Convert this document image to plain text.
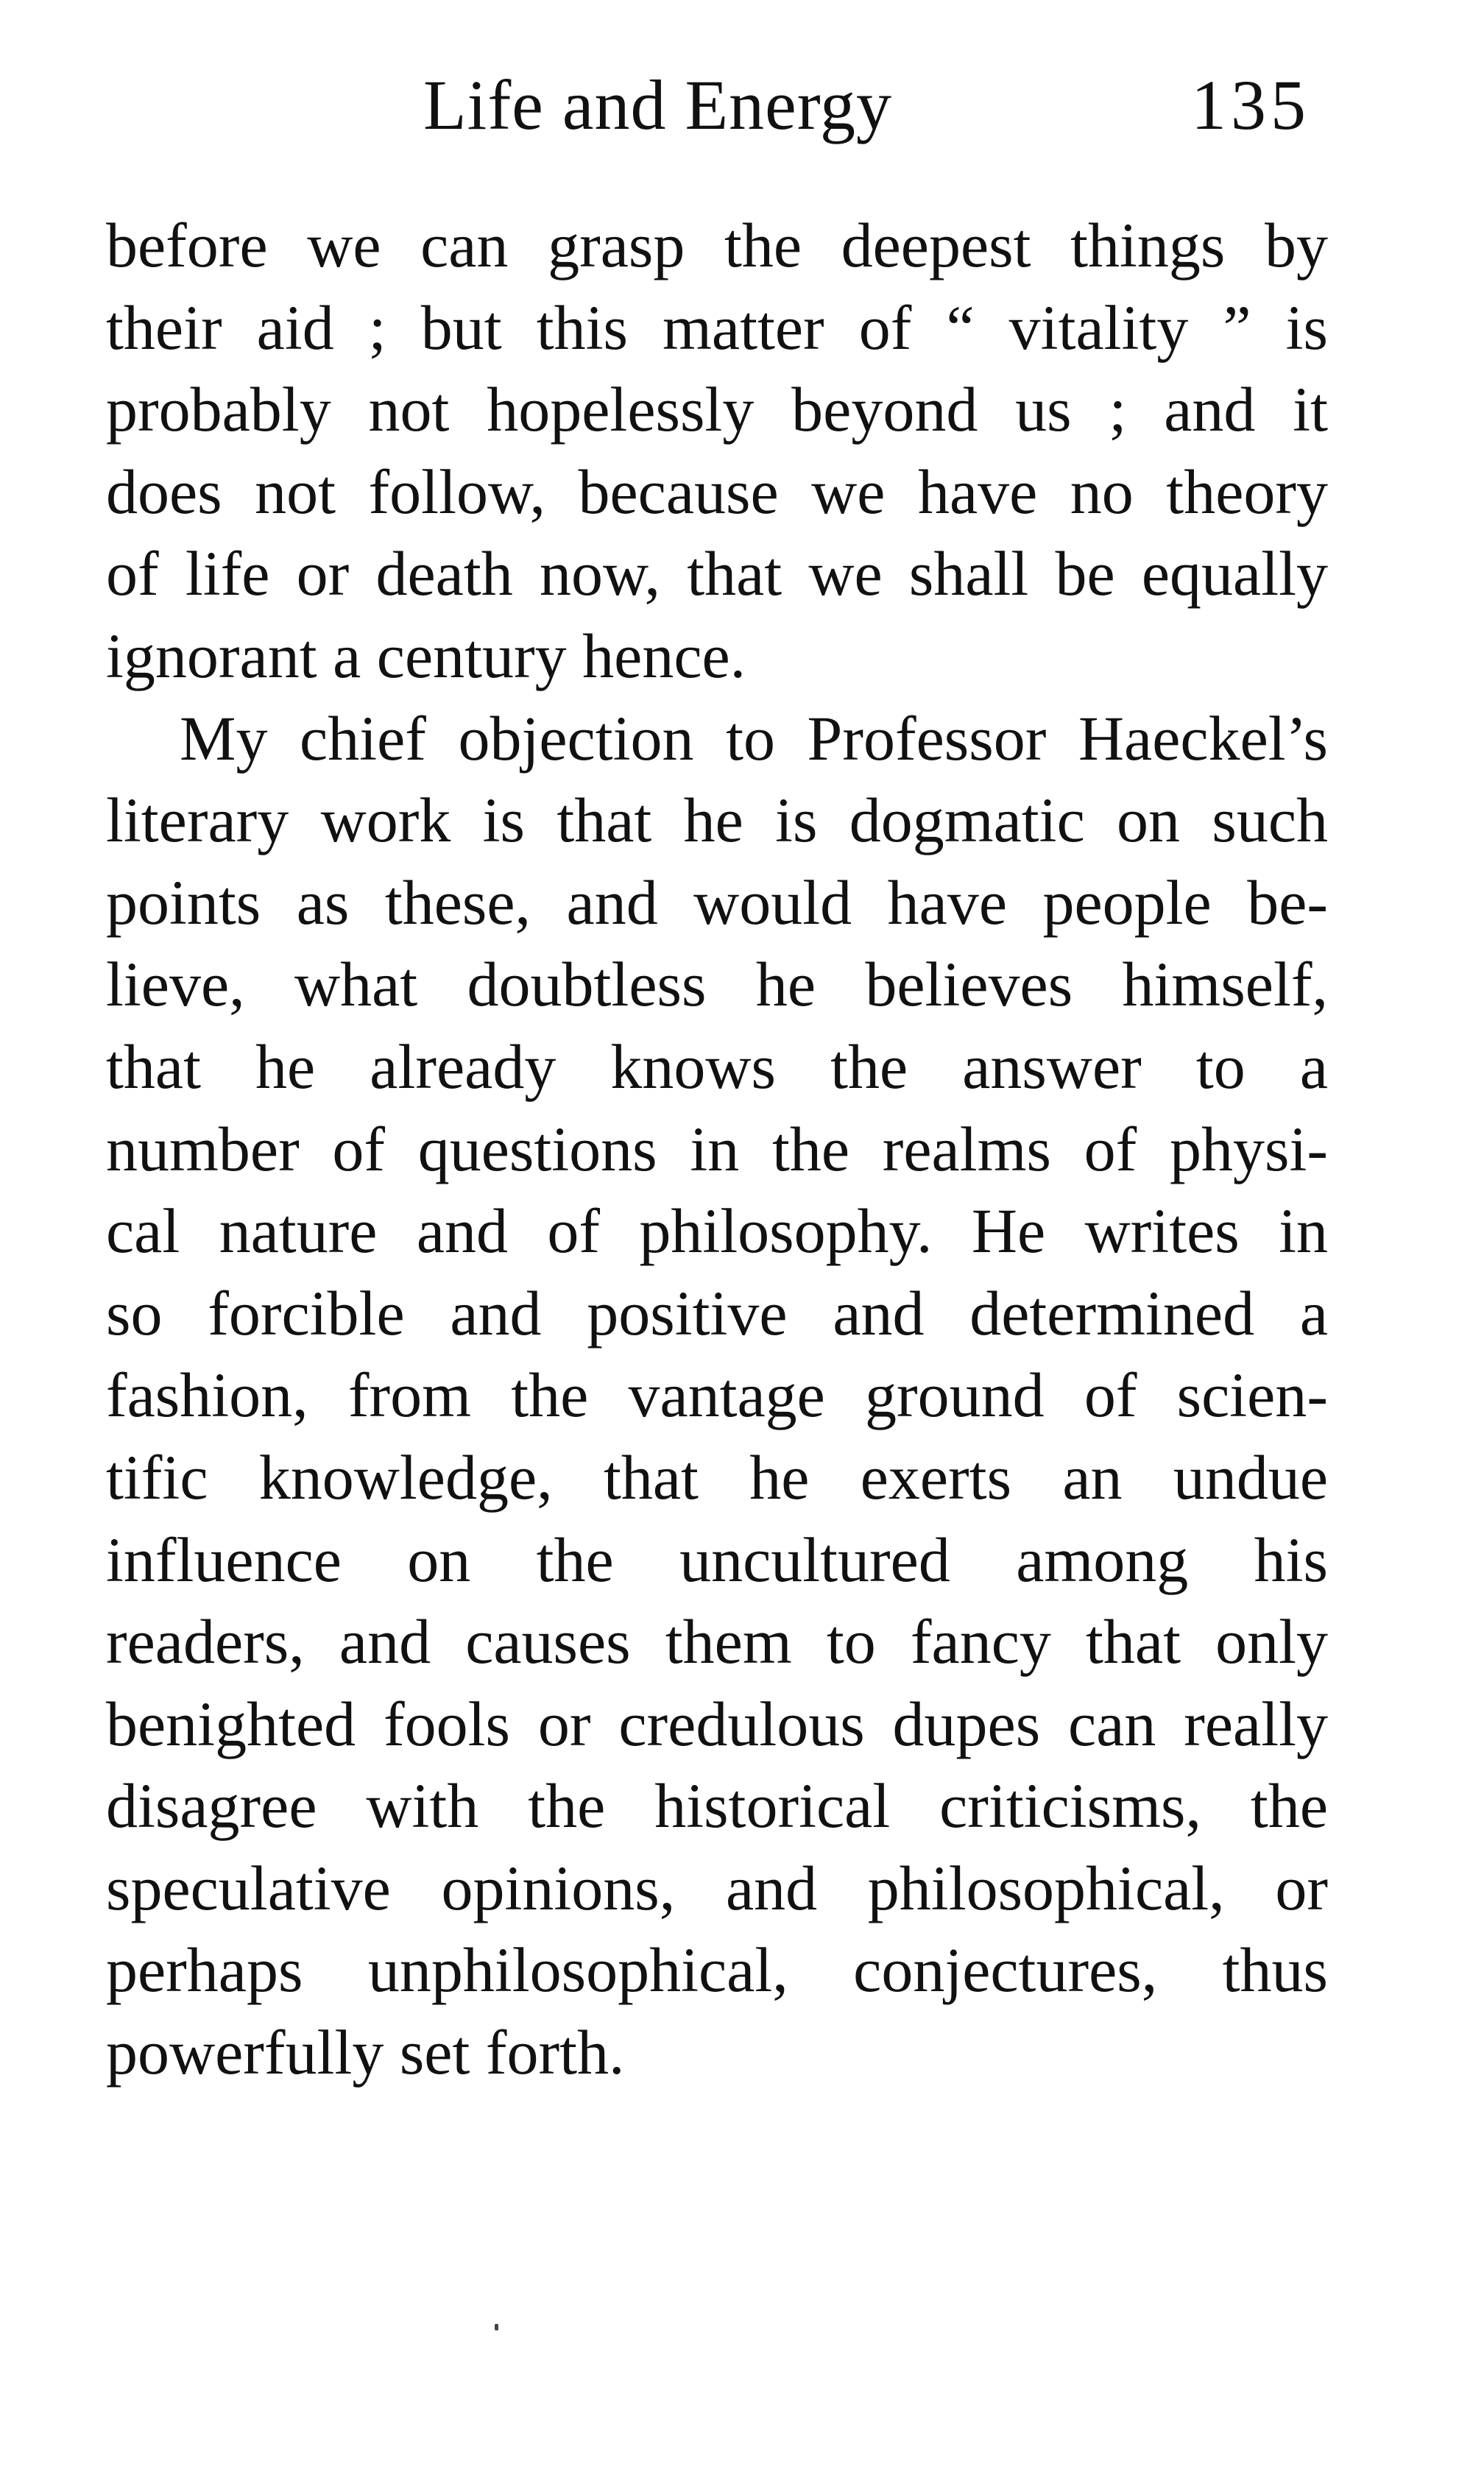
Life and Energy	135
before we can grasp the deepest things by
their aid ; but this matter of “ vitality ” is
probably not hopelessly beyond us ; and it
does not follow, because we have no theory
of life or death now, that we shall be equally
ignorant a century hence.
My chief objection to Professor Haeckel’s
literary work is that he is dogmatic on such
points as these, and would have people be-
lieve, what doubtless he believes himself,
that he already knows the answer to a
number of questions in the realms of physi-
cal nature and of philosophy. He writes in
so forcible and positive and determined a
fashion, from the vantage ground of scien-
tific knowledge, that he exerts an undue
influence on the uncultured among his
readers, and causes them to fancy that only
benighted fools or credulous dupes can really
disagree with the historical criticisms, the
speculative opinions, and philosophical, or
perhaps unphilosophical, conjectures, thus
powerfully set forth.
